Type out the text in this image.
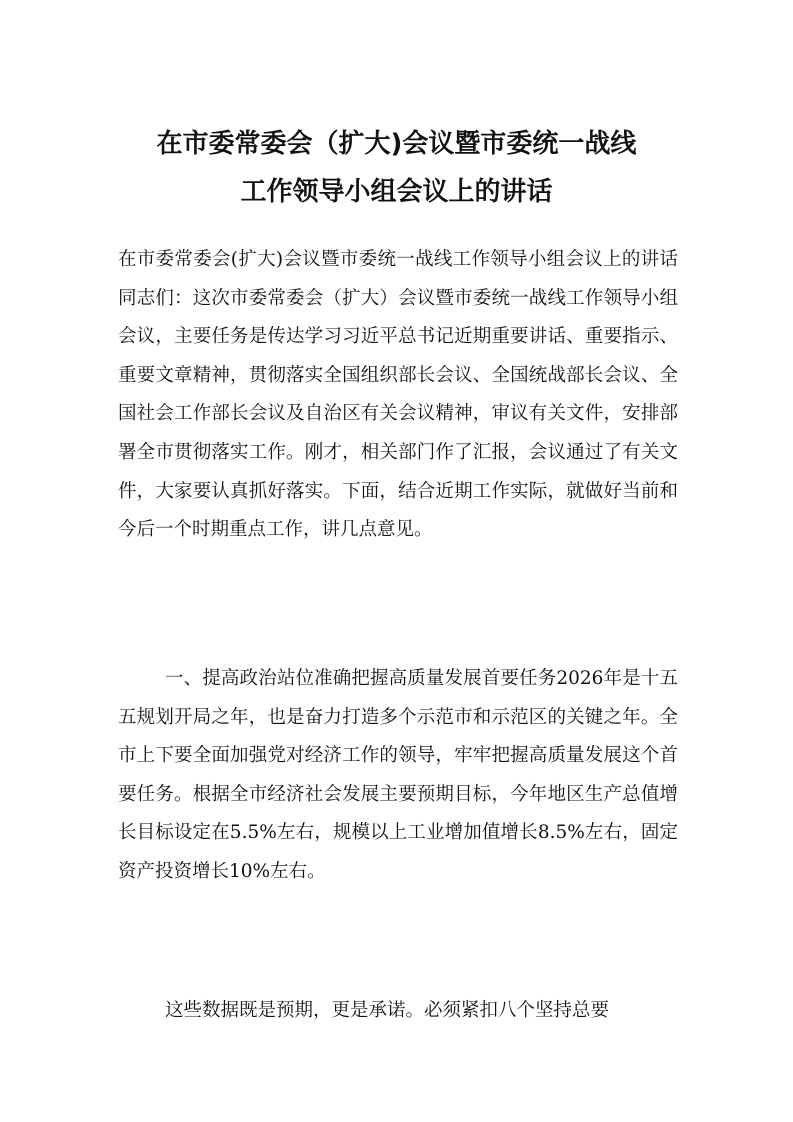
在市委常委会（扩大)会议暨市委统一战线
工作领导小组会议上的讲话

在市委常委会(扩大)会议暨市委统一战线工作领导小组会议上的讲话同志们：这次市委常委会（扩大）会议暨市委统一战线工作领导小组会议，主要任务是传达学习习近平总书记近期重要讲话、重要指示、重要文章精神，贯彻落实全国组织部长会议、全国统战部长会议、全国社会工作部长会议及自治区有关会议精神，审议有关文件，安排部署全市贯彻落实工作。刚才，相关部门作了汇报，会议通过了有关文件，大家要认真抓好落实。下面，结合近期工作实际，就做好当前和今后一个时期重点工作，讲几点意见。

一、提高政治站位准确把握高质量发展首要任务2026年是十五五规划开局之年，也是奋力打造多个示范市和示范区的关键之年。全市上下要全面加强党对经济工作的领导，牢牢把握高质量发展这个首要任务。根据全市经济社会发展主要预期目标，今年地区生产总值增长目标设定在5.5%左右，规模以上工业增加值增长8.5%左右，固定资产投资增长10%左右。

这些数据既是预期，更是承诺。必须紧扣八个坚持总要
